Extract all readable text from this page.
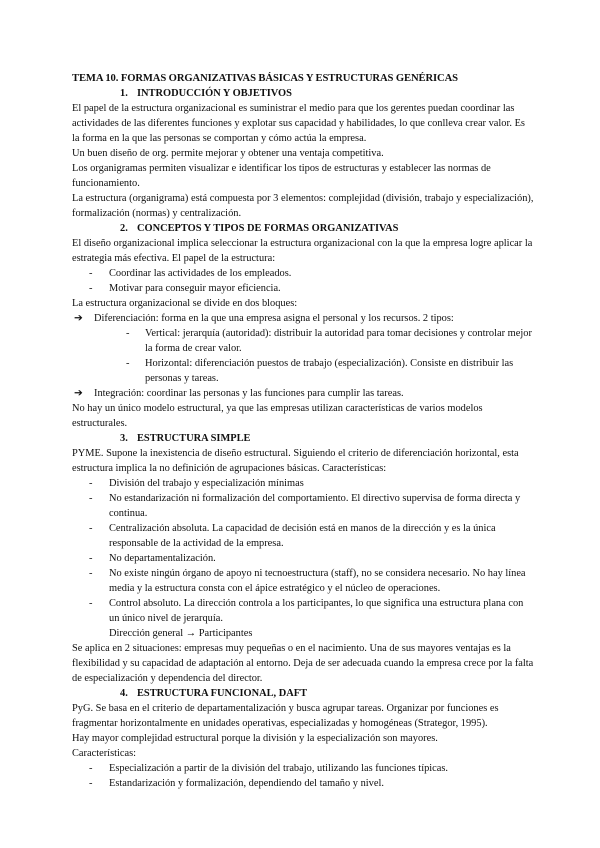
TEMA 10. FORMAS ORGANIZATIVAS BÁSICAS Y ESTRUCTURAS GENÉRICAS

1. INTRODUCCIÓN Y OBJETIVOS

El papel de la estructura organizacional es suministrar el medio para que los gerentes puedan coordinar las actividades de las diferentes funciones y explotar sus capacidad y habilidades, lo que conlleva crear valor. Es la forma en la que las personas se comportan y cómo actúa la empresa.

Un buen diseño de org. permite mejorar y obtener una ventaja competitiva.

Los organigramas permiten visualizar e identificar los tipos de estructuras y establecer las normas de funcionamiento.

La estructura (organigrama) está compuesta por 3 elementos: complejidad (división, trabajo y especialización), formalización (normas) y centralización.

2. CONCEPTOS Y TIPOS DE FORMAS ORGANIZATIVAS

El diseño organizacional implica seleccionar la estructura organizacional con la que la empresa logre aplicar la estrategia más efectiva. El papel de la estructura:

-	Coordinar las actividades de los empleados.
-	Motivar para conseguir mayor eficiencia.

La estructura organizacional se divide en dos bloques:

➔	Diferenciación: forma en la que una empresa asigna el personal y los recursos. 2 tipos:
-	Vertical: jerarquía (autoridad): distribuir la autoridad para tomar decisiones y controlar mejor la forma de crear valor.
-	Horizontal: diferenciación puestos de trabajo (especialización). Consiste en distribuir las personas y tareas.
➔	Integración: coordinar las personas y las funciones para cumplir las tareas.

No hay un único modelo estructural, ya que las empresas utilizan características de varios modelos estructurales.

3. ESTRUCTURA SIMPLE

PYME. Supone la inexistencia de diseño estructural. Siguiendo el criterio de diferenciación horizontal, esta estructura implica la no definición de agrupaciones básicas. Características:

-	División del trabajo y especialización mínimas
-	No estandarización ni formalización del comportamiento. El directivo supervisa de forma directa y continua.
-	Centralización absoluta. La capacidad de decisión está en manos de la dirección y es la única responsable de la actividad de la empresa.
-	No departamentalización.
-	No existe ningún órgano de apoyo ni tecnoestructura (staff), no se considera necesario. No hay línea media y la estructura consta con el ápice estratégico y el núcleo de operaciones.
-	Control absoluto. La dirección controla a los participantes, lo que significa una estructura plana con un único nivel de jerarquía.

Dirección general → Participantes

Se aplica en 2 situaciones: empresas muy pequeñas o en el nacimiento. Una de sus mayores ventajas es la flexibilidad y su capacidad de adaptación al entorno. Deja de ser adecuada cuando la empresa crece por la falta de especialización y dependencia del director.

4. ESTRUCTURA FUNCIONAL, DAFT

PyG. Se basa en el criterio de departamentalización y busca agrupar tareas. Organizar por funciones es fragmentar horizontalmente en unidades operativas, especializadas y homogéneas (Strategor, 1995).

Hay mayor complejidad estructural porque la división y la especialización son mayores.

Características:

-	Especialización a partir de la división del trabajo, utilizando las funciones típicas.
-	Estandarización y formalización, dependiendo del tamaño y nivel.
